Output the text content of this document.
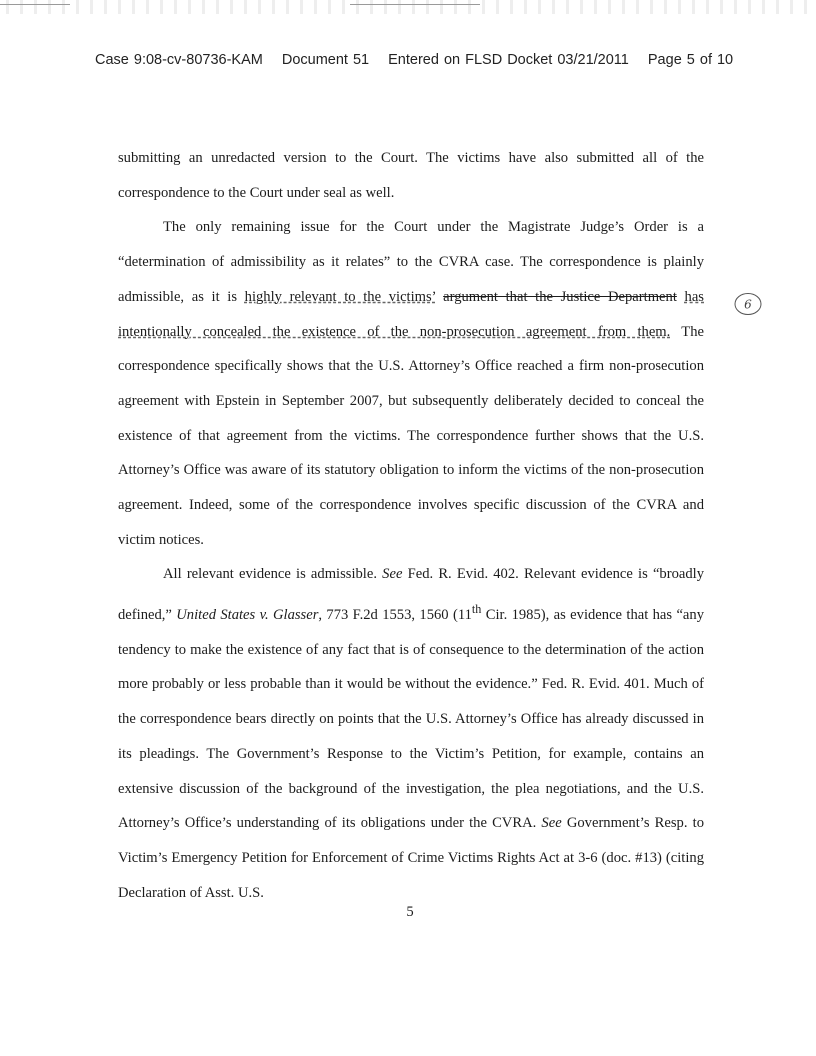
Case 9:08-cv-80736-KAM Document 51 Entered on FLSD Docket 03/21/2011 Page 5 of 10

submitting an unredacted version to the Court. The victims have also submitted all of the correspondence to the Court under seal as well.

The only remaining issue for the Court under the Magistrate Judge’s Order is a “determination of admissibility as it relates” to the CVRA case. The correspondence is plainly admissible, as it is highly relevant to the victims’ argument that the Justice Department has intentionally concealed the existence of the non-prosecution agreement from them. The correspondence specifically shows that the U.S. Attorney’s Office reached a firm non-prosecution agreement with Epstein in September 2007, but subsequently deliberately decided to conceal the existence of that agreement from the victims. The correspondence further shows that the U.S. Attorney’s Office was aware of its statutory obligation to inform the victims of the non-prosecution agreement. Indeed, some of the correspondence involves specific discussion of the CVRA and victim notices.

All relevant evidence is admissible. See Fed. R. Evid. 402. Relevant evidence is “broadly defined,” United States v. Glasser, 773 F.2d 1553, 1560 (11th Cir. 1985), as evidence that has “any tendency to make the existence of any fact that is of consequence to the determination of the action more probably or less probable than it would be without the evidence.” Fed. R. Evid. 401. Much of the correspondence bears directly on points that the U.S. Attorney’s Office has already discussed in its pleadings. The Government’s Response to the Victim’s Petition, for example, contains an extensive discussion of the background of the investigation, the plea negotiations, and the U.S. Attorney’s Office’s understanding of its obligations under the CVRA. See Government’s Resp. to Victim’s Emergency Petition for Enforcement of Crime Victims Rights Act at 3-6 (doc. #13) (citing Declaration of Asst. U.S.

6
5
